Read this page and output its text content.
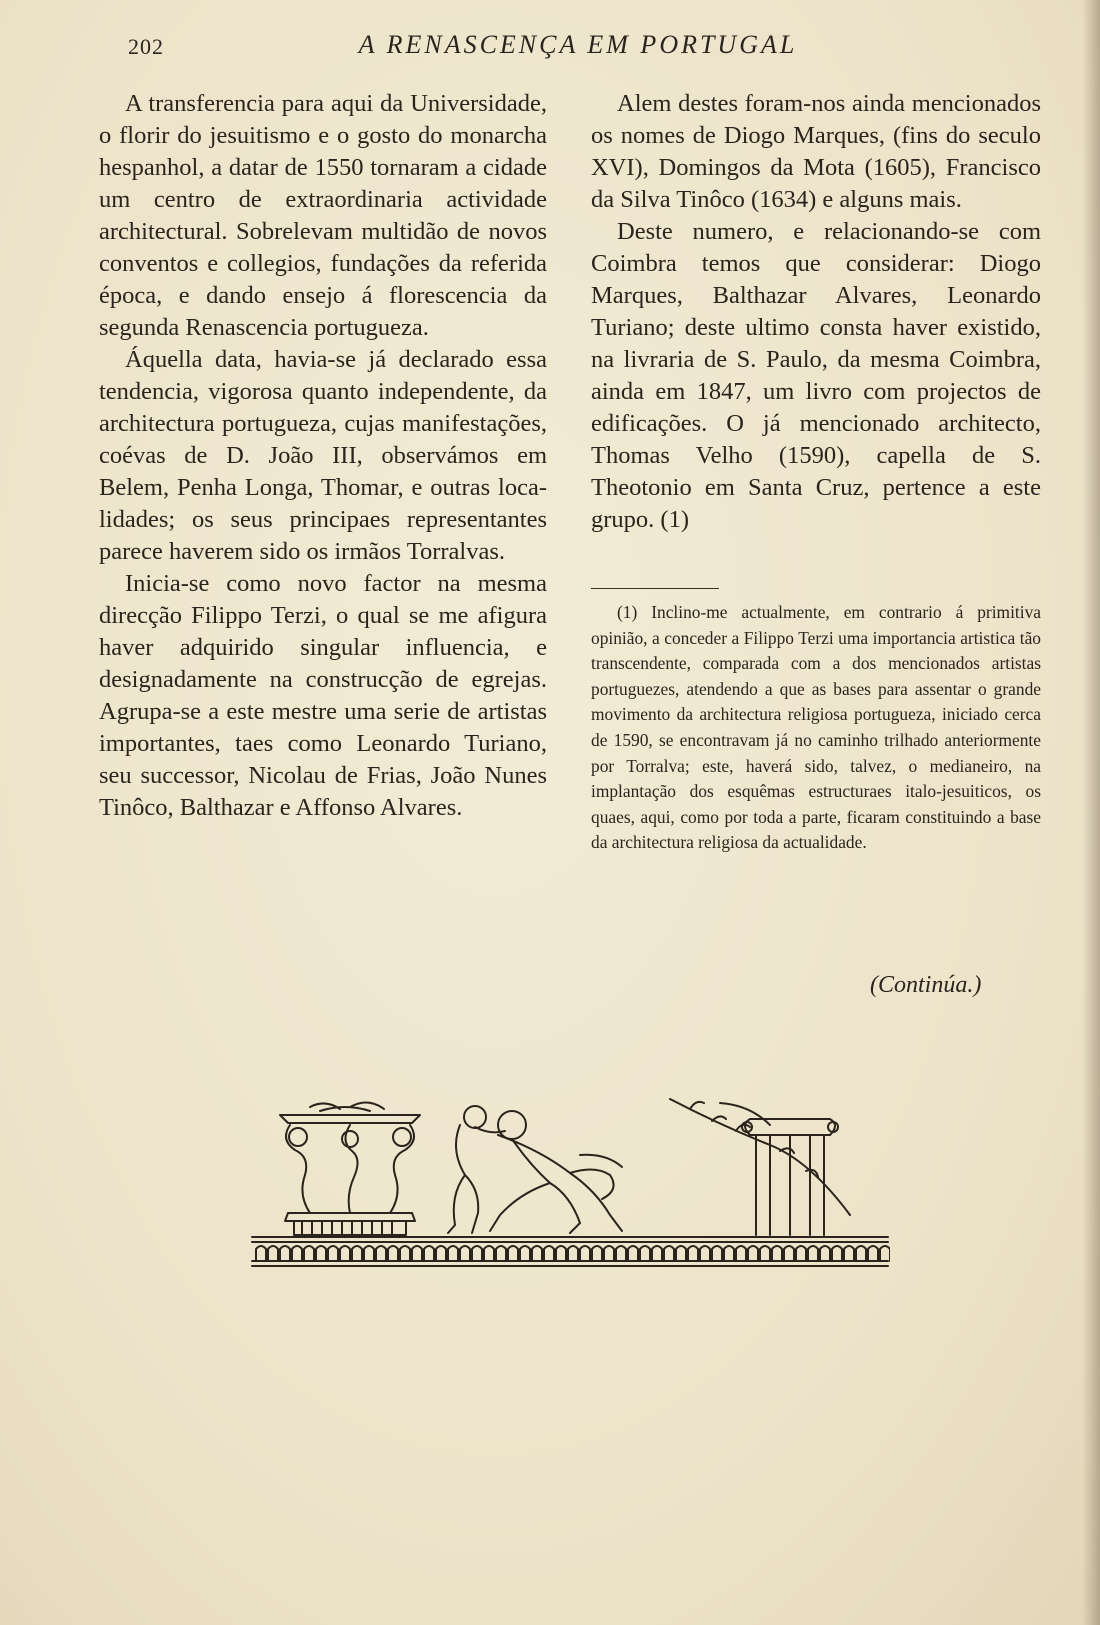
202	A RENASCENÇA EM PORTUGAL

A transferencia para aqui da Universidade, o florir do jesuitismo e o gosto do monarcha hespanhol, a datar de 1550 tornaram a cidade um centro de extraordinaria actividade architectural. Sobrelevam multidão de novos conventos e collegios, fundações da referida época, e dando ensejo á florescencia da segunda Renascencia portugueza.

Áquella data, havia-se já declarado essa tendencia, vigorosa quanto independente, da architectura portugueza, cujas manifestações, coévas de D. João III, observámos em Belem, Penha Longa, Thomar, e outras localidades; os seus principaes representantes parece haverem sido os irmãos Torralvas.

Inicia-se como novo factor na mesma direcção Filippo Terzi, o qual se me afigura haver adquirido singular influencia, e designadamente na construcção de egrejas. Agrupa-se a este mestre uma serie de artistas importantes, taes como Leonardo Turiano, seu successor, Nicolau de Frias, João Nunes Tinôco, Balthazar e Affonso Alvares.

Alem destes foram-nos ainda mencionados os nomes de Diogo Marques, (fins do seculo XVI), Domingos da Mota (1605), Francisco da Silva Tinôco (1634) e alguns mais.

Deste numero, e relacionando-se com Coimbra temos que considerar: Diogo Marques, Balthazar Alvares, Leonardo Turiano; deste ultimo consta haver existido, na livraria de S. Paulo, da mesma Coimbra, ainda em 1847, um livro com projectos de edificações. O já mencionado architecto, Thomas Velho (1590), capella de S. Theotonio em Santa Cruz, pertence a este grupo. (1)

(1) Inclino-me actualmente, em contrario á primitiva opinião, a conceder a Filippo Terzi uma importancia artistica tão transcendente, comparada com a dos mencionados artistas portuguezes, atendendo a que as bases para assentar o grande movimento da architectura religiosa portugueza, iniciado cerca de 1590, se encontravam já no caminho trilhado anteriormente por Torralva; este, haverá sido, talvez, o medianeiro, na implantação dos esquêmas estructuraes italo-jesuiticos, os quaes, aqui, como por toda a parte, ficaram constituindo a base da architectura religiosa da actualidade.

(Continúa.)
